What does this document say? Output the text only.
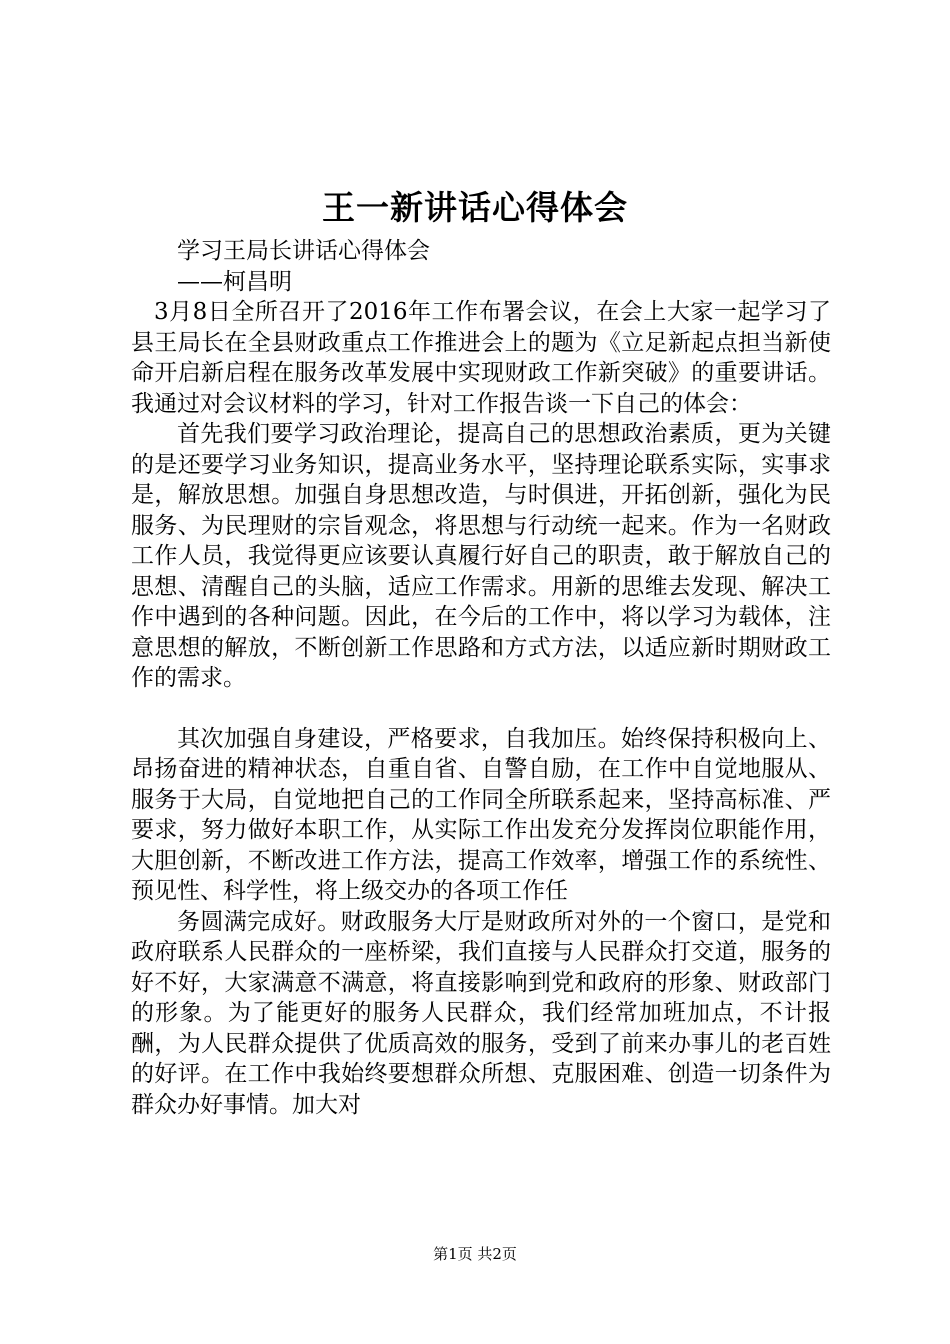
王一新讲话心得体会

学习王局长讲话心得体会

——柯昌明

3月8日全所召开了2016年工作布署会议，在会上大家一起学习了县王局长在全县财政重点工作推进会上的题为《立足新起点担当新使命开启新启程在服务改革发展中实现财政工作新突破》的重要讲话。我通过对会议材料的学习，针对工作报告谈一下自己的体会：

首先我们要学习政治理论，提高自己的思想政治素质，更为关键的是还要学习业务知识，提高业务水平，坚持理论联系实际，实事求是，解放思想。加强自身思想改造，与时俱进，开拓创新，强化为民服务、为民理财的宗旨观念，将思想与行动统一起来。作为一名财政工作人员，我觉得更应该要认真履行好自己的职责，敢于解放自己的思想、清醒自己的头脑，适应工作需求。用新的思维去发现、解决工作中遇到的各种问题。因此，在今后的工作中，将以学习为载体，注意思想的解放，不断创新工作思路和方式方法，以适应新时期财政工作的需求。

其次加强自身建设，严格要求，自我加压。始终保持积极向上、昂扬奋进的精神状态，自重自省、自警自励，在工作中自觉地服从、服务于大局，自觉地把自己的工作同全所联系起来，坚持高标准、严要求，努力做好本职工作，从实际工作出发充分发挥岗位职能作用，大胆创新，不断改进工作方法，提高工作效率，增强工作的系统性、预见性、科学性，将上级交办的各项工作任

务圆满完成好。财政服务大厅是财政所对外的一个窗口，是党和政府联系人民群众的一座桥梁，我们直接与人民群众打交道，服务的好不好，大家满意不满意，将直接影响到党和政府的形象、财政部门的形象。为了能更好的服务人民群众，我们经常加班加点，不计报酬，为人民群众提供了优质高效的服务，受到了前来办事儿的老百姓的好评。在工作中我始终要想群众所想、克服困难、创造一切条件为群众办好事情。加大对

第1页 共2页
